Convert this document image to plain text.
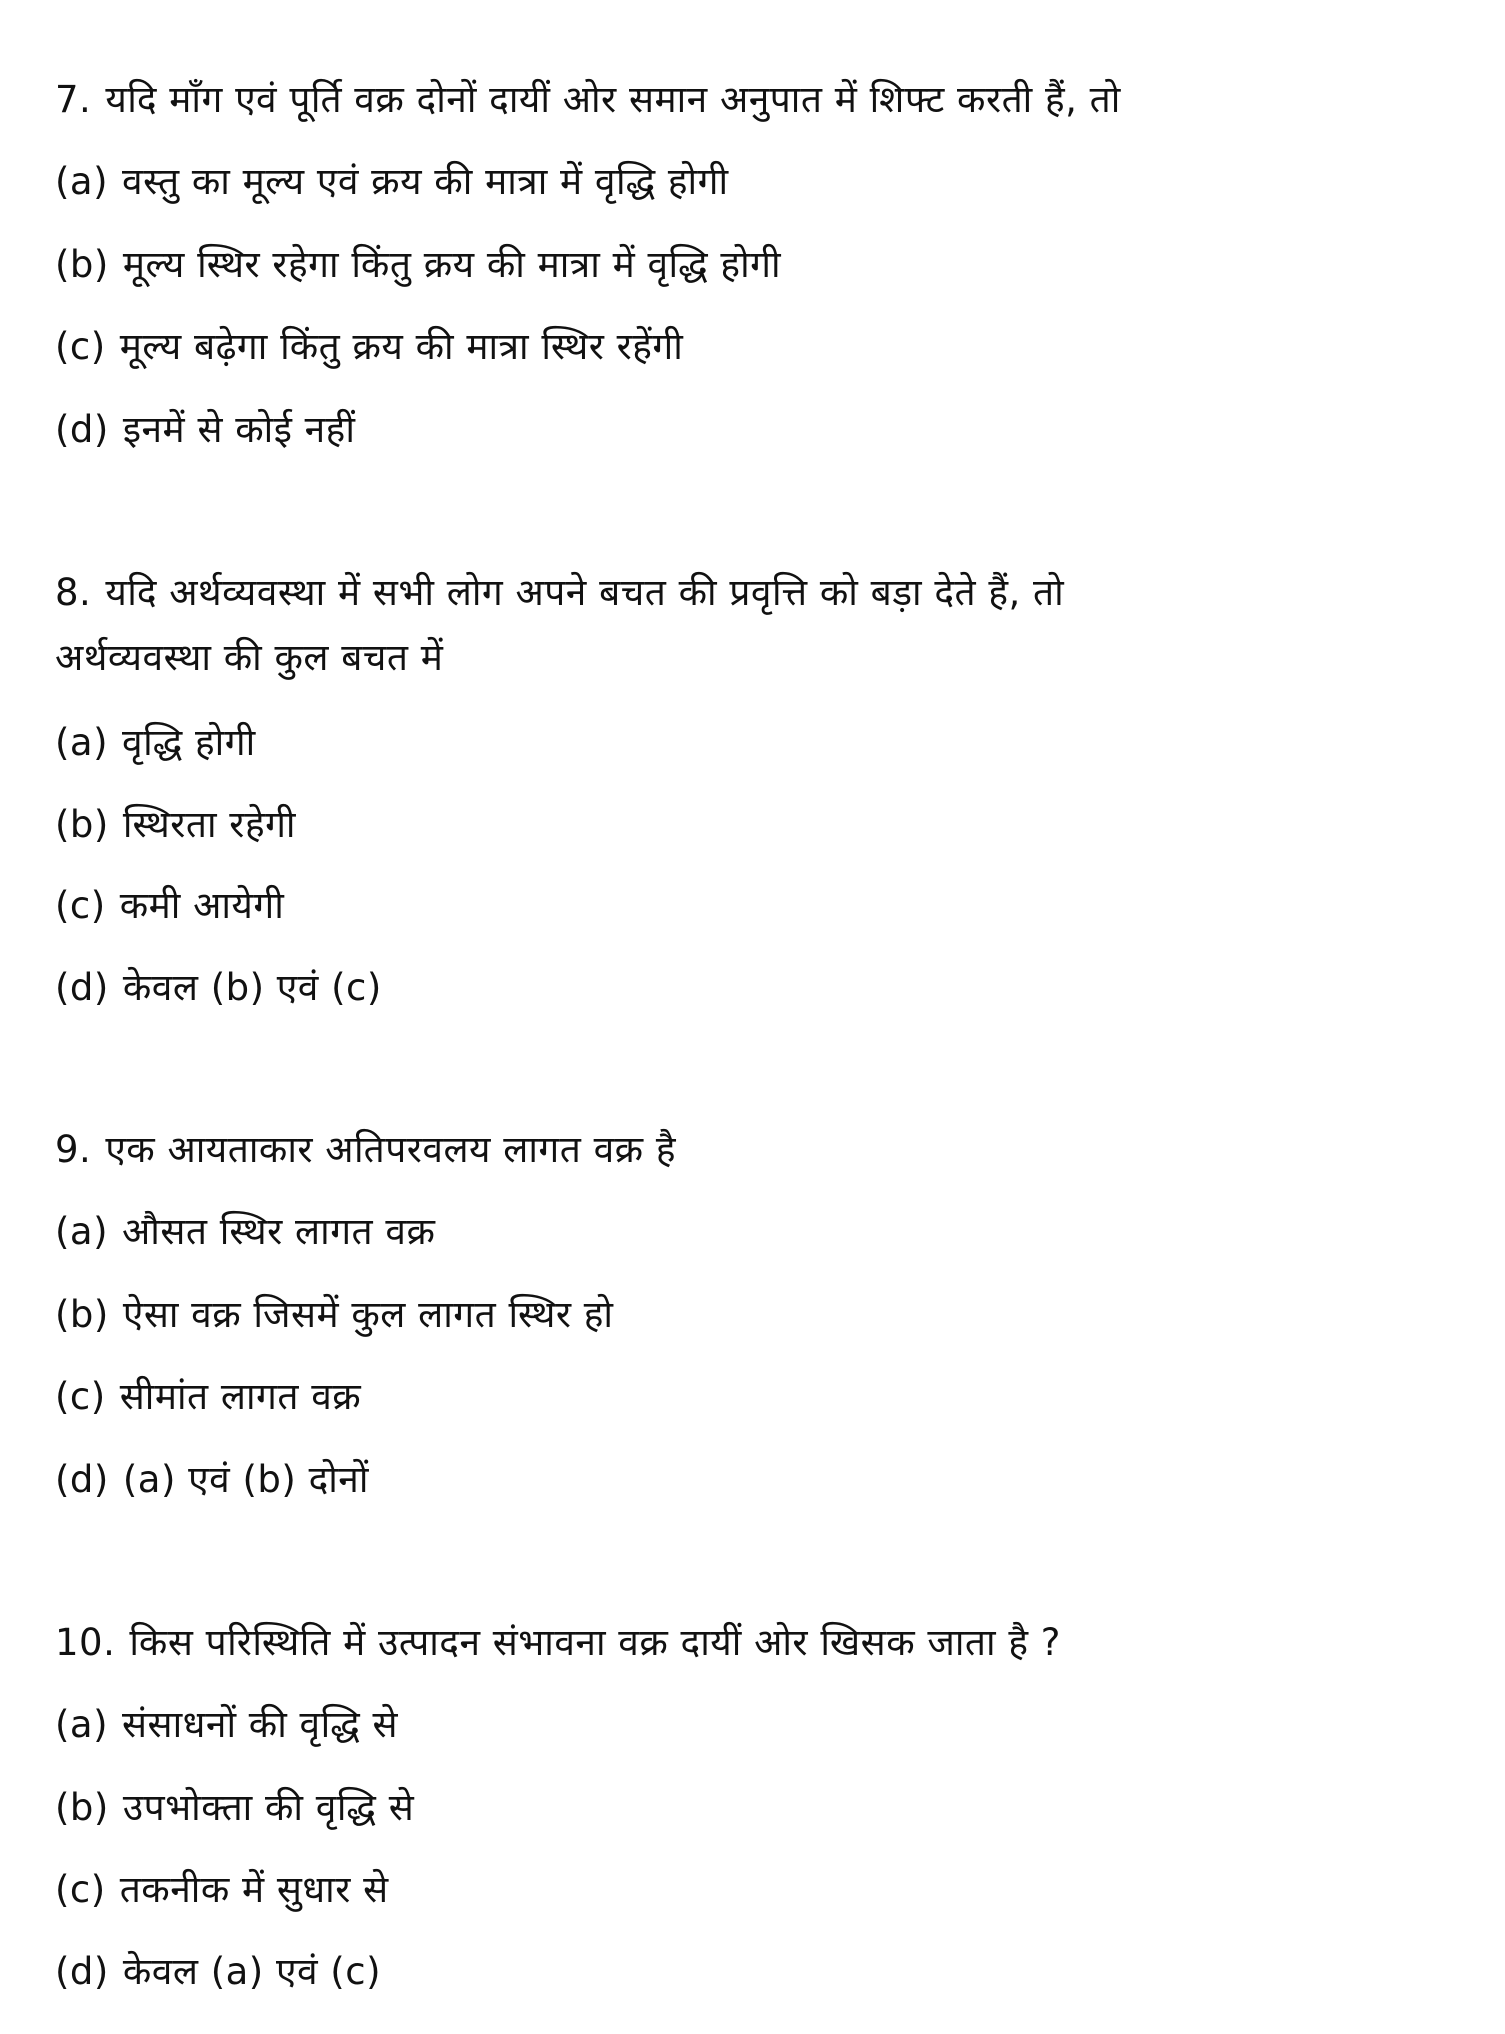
7. यदि माँग एवं पूर्ति वक्र दोनों दायीं ओर समान अनुपात में शिफ्ट करती हैं, तो
(a) वस्तु का मूल्य एवं क्रय की मात्रा में वृद्धि होगी
(b) मूल्य स्थिर रहेगा किंतु क्रय की मात्रा में वृद्धि होगी
(c) मूल्य बढ़ेगा किंतु क्रय की मात्रा स्थिर रहेंगी
(d) इनमें से कोई नहीं
8. यदि अर्थव्यवस्था में सभी लोग अपने बचत की प्रवृत्ति को बड़ा देते हैं, तो
अर्थव्यवस्था की कुल बचत में
(a) वृद्धि होगी
(b) स्थिरता रहेगी
(c) कमी आयेगी
(d) केवल (b) एवं (c)
9. एक आयताकार अतिपरवलय लागत वक्र है
(a) औसत स्थिर लागत वक्र
(b) ऐसा वक्र जिसमें कुल लागत स्थिर हो
(c) सीमांत लागत वक्र
(d) (a) एवं (b) दोनों
10. किस परिस्थिति में उत्पादन संभावना वक्र दायीं ओर खिसक जाता है ?
(a) संसाधनों की वृद्धि से
(b) उपभोक्ता की वृद्धि से
(c) तकनीक में सुधार से
(d) केवल (a) एवं (c)
